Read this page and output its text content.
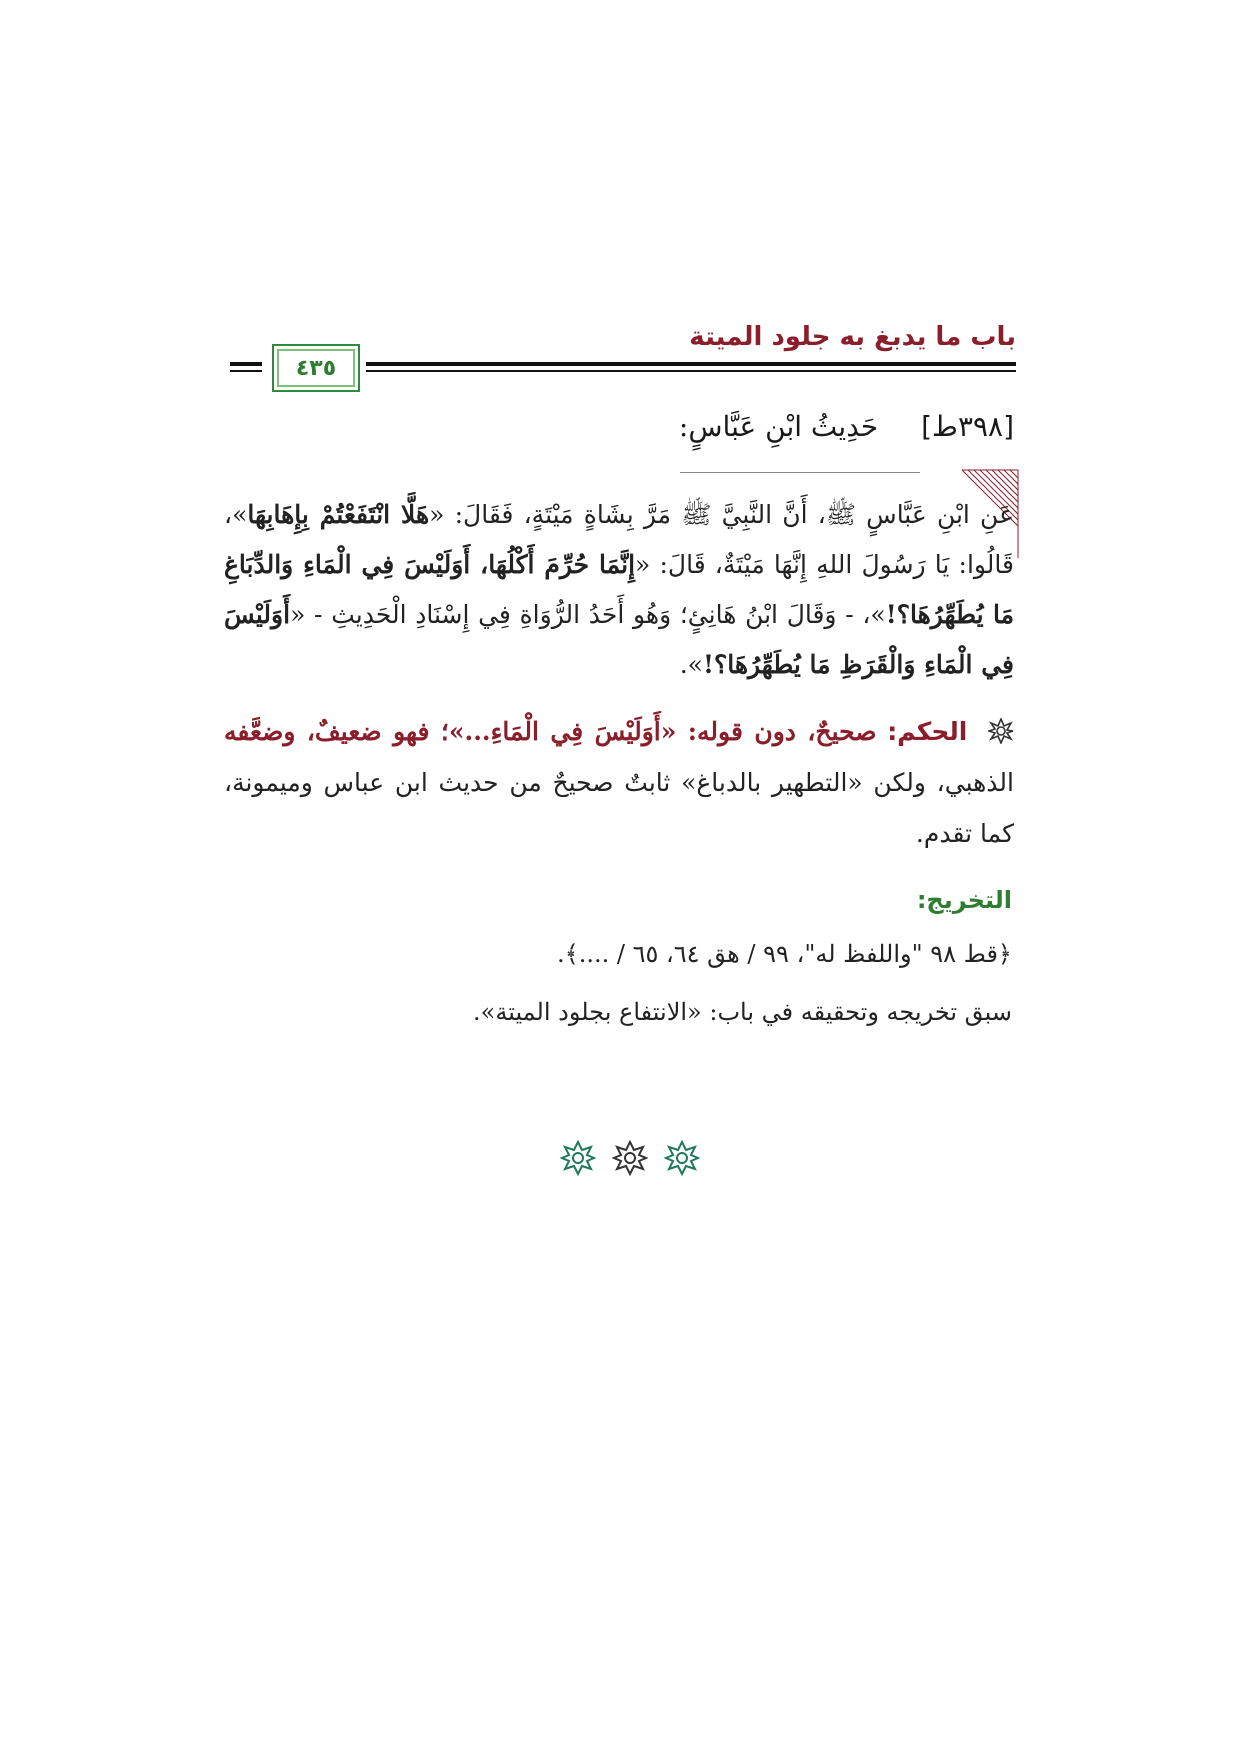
باب ما يدبغ به جلود الميتة
٤٣٥
[٣٩٨ط] حَدِيثُ ابْنِ عَبَّاسٍ:
عَنِ ابْنِ عَبَّاسٍ ﷺ، أَنَّ النَّبِيَّ ﷺ مَرَّ بِشَاةٍ مَيْتَةٍ، فَقَالَ: «هَلَّا انْتَفَعْتُمْ بِإِهَابِهَا»، قَالُوا: يَا رَسُولَ اللهِ إِنَّهَا مَيْتَةٌ، قَالَ: «إِنَّمَا حُرِّمَ أَكْلُهَا، أَوَلَيْسَ فِي الْمَاءِ وَالدِّبَاغِ مَا يُطَهِّرُهَا؟!»، - وَقَالَ ابْنُ هَانِئٍ؛ وَهُو أَحَدُ الرُّوَاةِ فِي إِسْنَادِ الْحَدِيثِ - «أَوَلَيْسَ فِي الْمَاءِ وَالْقَرَظِ مَا يُطَهِّرُهَا؟!».
الحكم: صحيحٌ، دون قوله: «أَوَلَيْسَ فِي الْمَاءِ...»؛ فهو ضعيفٌ، وضعَّفه الذهبي، ولكن «التطهير بالدباغ» ثابتٌ صحيحٌ من حديث ابن عباس وميمونة، كما تقدم.
التخريج:
﴿قط ٩٨ "واللفظ له"، ٩٩ / هق ٦٤، ٦٥ / ....﴾.
سبق تخريجه وتحقيقه في باب: «الانتفاع بجلود الميتة».
